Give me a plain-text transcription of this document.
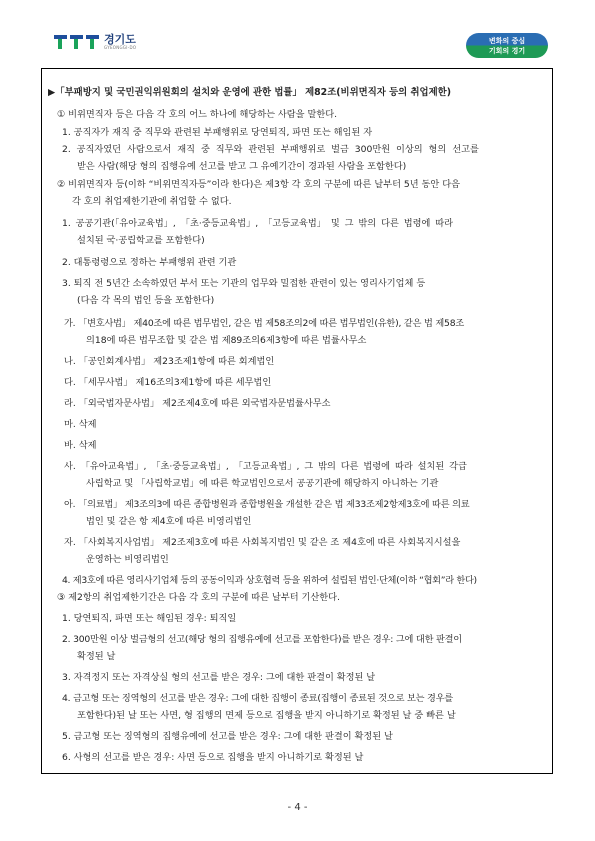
경기도
GYEONGGI-DO
변화의 중심
기회의 경기
▶「부패방지 및 국민권익위원회의 설치와 운영에 관한 법률」 제82조(비위면직자 등의 취업제한)
① 비위면직자 등은 다음 각 호의 어느 하나에 해당하는 사람을 말한다.
1. 공직자가 재직 중 직무와 관련된 부패행위로 당연퇴직, 파면 또는 해임된 자
2. 공직자였던 사람으로서 재직 중 직무와 관련된 부패행위로 벌금 300만원 이상의 형의 선고를
받은 사람(해당 형의 집행유예 선고를 받고 그 유예기간이 경과된 사람을 포함한다)
② 비위면직자 등(이하 “비위면직자등”이라 한다)은 제3항 각 호의 구분에 따른 날부터 5년 동안 다음
각 호의 취업제한기관에 취업할 수 없다.
1. 공공기관(「유아교육법」, 「초·중등교육법」, 「고등교육법」 및 그 밖의 다른 법령에 따라
설치된 국·공립학교를 포함한다)
2. 대통령령으로 정하는 부패행위 관련 기관
3. 퇴직 전 5년간 소속하였던 부서 또는 기관의 업무와 밀접한 관련이 있는 영리사기업체 등
(다음 각 목의 법인 등을 포함한다)
가. 「변호사법」 제40조에 따른 법무법인, 같은 법 제58조의2에 따른 법무법인(유한), 같은 법 제58조
의18에 따른 법무조합 및 같은 법 제89조의6제3항에 따른 법률사무소
나. 「공인회계사법」 제23조제1항에 따른 회계법인
다. 「세무사법」 제16조의3제1항에 따른 세무법인
라. 「외국법자문사법」 제2조제4호에 따른 외국법자문법률사무소
마. 삭제
바. 삭제
사. 「유아교육법」, 「초·중등교육법」, 「고등교육법」, 그 밖의 다른 법령에 따라 설치된 각급
사립학교 및 「사립학교법」에 따른 학교법인으로서 공공기관에 해당하지 아니하는 기관
아. 「의료법」 제3조의3에 따른 종합병원과 종합병원을 개설한 같은 법 제33조제2항제3호에 따른 의료
법인 및 같은 항 제4호에 따른 비영리법인
자. 「사회복지사업법」 제2조제3호에 따른 사회복지법인 및 같은 조 제4호에 따른 사회복지시설을
운영하는 비영리법인
4. 제3호에 따른 영리사기업체 등의 공동이익과 상호협력 등을 위하여 설립된 법인·단체(이하 “협회”라 한다)
③ 제2항의 취업제한기간은 다음 각 호의 구분에 따른 날부터 기산한다.
1. 당연퇴직, 파면 또는 해임된 경우: 퇴직일
2. 300만원 이상 벌금형의 선고(해당 형의 집행유예에 선고를 포함한다)를 받은 경우: 그에 대한 판결이
확정된 날
3. 자격정지 또는 자격상실 형의 선고를 받은 경우: 그에 대한 판결이 확정된 날
4. 금고형 또는 징역형의 선고를 받은 경우: 그에 대한 집행이 종료(집행이 종료된 것으로 보는 경우를
포함한다)된 날 또는 사면, 형 집행의 면제 등으로 집행을 받지 아니하기로 확정된 날 중 빠른 날
5. 금고형 또는 징역형의 집행유예에 선고를 받은 경우: 그에 대한 판결이 확정된 날
6. 사형의 선고를 받은 경우: 사면 등으로 집행을 받지 아니하기로 확정된 날
- 4 -
